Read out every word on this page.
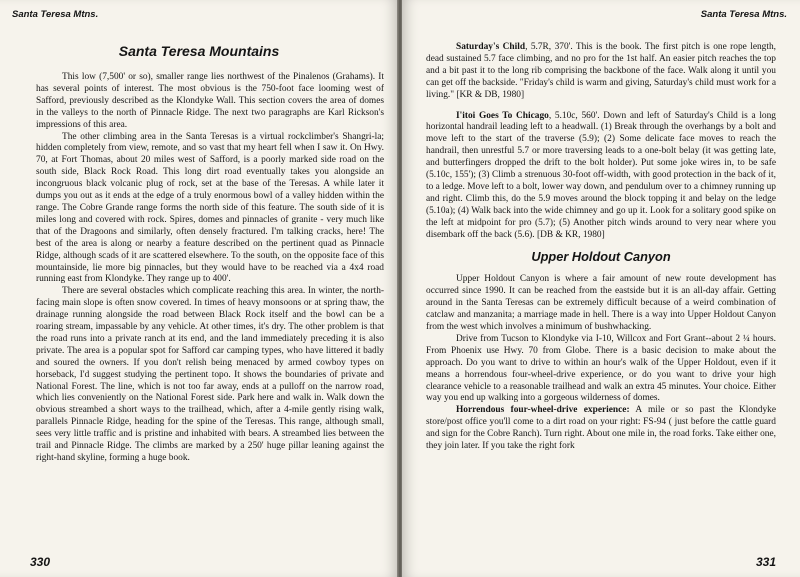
Santa Teresa Mtns.
Santa Teresa Mountains

This low (7,500' or so), smaller range lies northwest of the Pinalenos (Grahams). It has several points of interest. The most obvious is the 750-foot face looming west of Safford, previously described as the Klondyke Wall. This section covers the area of domes in the valleys to the north of Pinnacle Ridge. The next two paragraphs are Karl Rickson's impressions of this area.

The other climbing area in the Santa Teresas is a virtual rockclimber's Shangri-la; hidden completely from view, remote, and so vast that my heart fell when I saw it. On Hwy. 70, at Fort Thomas, about 20 miles west of Safford, is a poorly marked side road on the south side, Black Rock Road. This long dirt road eventually takes you alongside an incongruous black volcanic plug of rock, set at the base of the Teresas. A while later it dumps you out as it ends at the edge of a truly enormous bowl of a valley hidden within the range. The Cobre Grande range forms the north side of this feature. The south side of it is miles long and covered with rock. Spires, domes and pinnacles of granite - very much like that of the Dragoons and similarly, often densely fractured. I'm talking cracks, here! The best of the area is along or nearby a feature described on the pertinent quad as Pinnacle Ridge, although scads of it are scattered elsewhere. To the south, on the opposite face of this mountainside, lie more big pinnacles, but they would have to be reached via a 4x4 road running east from Klondyke. They range up to 400'.

There are several obstacles which complicate reaching this area. In winter, the north-facing main slope is often snow covered. In times of heavy monsoons or at spring thaw, the drainage running alongside the road between Black Rock itself and the bowl can be a roaring stream, impassable by any vehicle. At other times, it's dry. The other problem is that the road runs into a private ranch at its end, and the land immediately preceding it is also private. The area is a popular spot for Safford car camping types, who have littered it badly and soured the owners. If you don't relish being menaced by armed cowboy types on horseback, I'd suggest studying the pertinent topo. It shows the boundaries of private and National Forest. The line, which is not too far away, ends at a pulloff on the narrow road, which lies conveniently on the National Forest side. Park here and walk in. Walk down the obvious streambed a short ways to the trailhead, which, after a 4-mile gently rising walk, parallels Pinnacle Ridge, heading for the spine of the Teresas. This range, although small, sees very little traffic and is pristine and inhabited with bears. A streambed lies between the trail and Pinnacle Ridge. The climbs are marked by a 250' huge pillar leaning against the right-hand skyline, forming a huge book.

330
Santa Teresa Mtns.

Saturday's Child, 5.7R, 370'. This is the book. The first pitch is one rope length, dead sustained 5.7 face climbing, and no pro for the 1st half. An easier pitch reaches the top and a bit past it to the long rib comprising the backbone of the face. Walk along it until you can get off the backside. "Friday's child is warm and giving, Saturday's child must work for a living." [KR & DB, 1980]

I'itoi Goes To Chicago, 5.10c, 560'. Down and left of Saturday's Child is a long horizontal handrail leading left to a headwall. (1) Break through the overhangs by a bolt and move left to the start of the traverse (5.9); (2) Some delicate face moves to reach the handrail, then unrestful 5.7 or more traversing leads to a one-bolt belay (it was getting late, and butterfingers dropped the drift to the bolt holder). Put some joke wires in, to be safe (5.10c, 155'); (3) Climb a strenuous 30-foot off-width, with good protection in the back of it, to a ledge. Move left to a bolt, lower way down, and pendulum over to a chimney running up and right. Climb this, do the 5.9 moves around the block topping it and belay on the ledge (5.10a); (4) Walk back into the wide chimney and go up it. Look for a solitary good spike on the left at midpoint for pro (5.7); (5) Another pitch winds around to very near where you disembark off the back (5.6). [DB & KR, 1980]

Upper Holdout Canyon

Upper Holdout Canyon is where a fair amount of new route development has occurred since 1990. It can be reached from the eastside but it is an all-day affair. Getting around in the Santa Teresas can be extremely difficult because of a weird combination of catclaw and manzanita; a marriage made in hell. There is a way into Upper Holdout Canyon from the west which involves a minimum of bushwhacking.

Drive from Tucson to Klondyke via I-10, Willcox and Fort Grant--about 2 ¼ hours. From Phoenix use Hwy. 70 from Globe. There is a basic decision to make about the approach. Do you want to drive to within an hour's walk of the Upper Holdout, even if it means a horrendous four-wheel-drive experience, or do you want to drive your high clearance vehicle to a reasonable trailhead and walk an extra 45 minutes. Your choice. Either way you end up walking into a gorgeous wilderness of domes.

Horrendous four-wheel-drive experience: A mile or so past the Klondyke store/post office you'll come to a dirt road on your right: FS-94 ( just before the cattle guard and sign for the Cobre Ranch). Turn right. About one mile in, the road forks. Take either one, they join later. If you take the right fork

331
